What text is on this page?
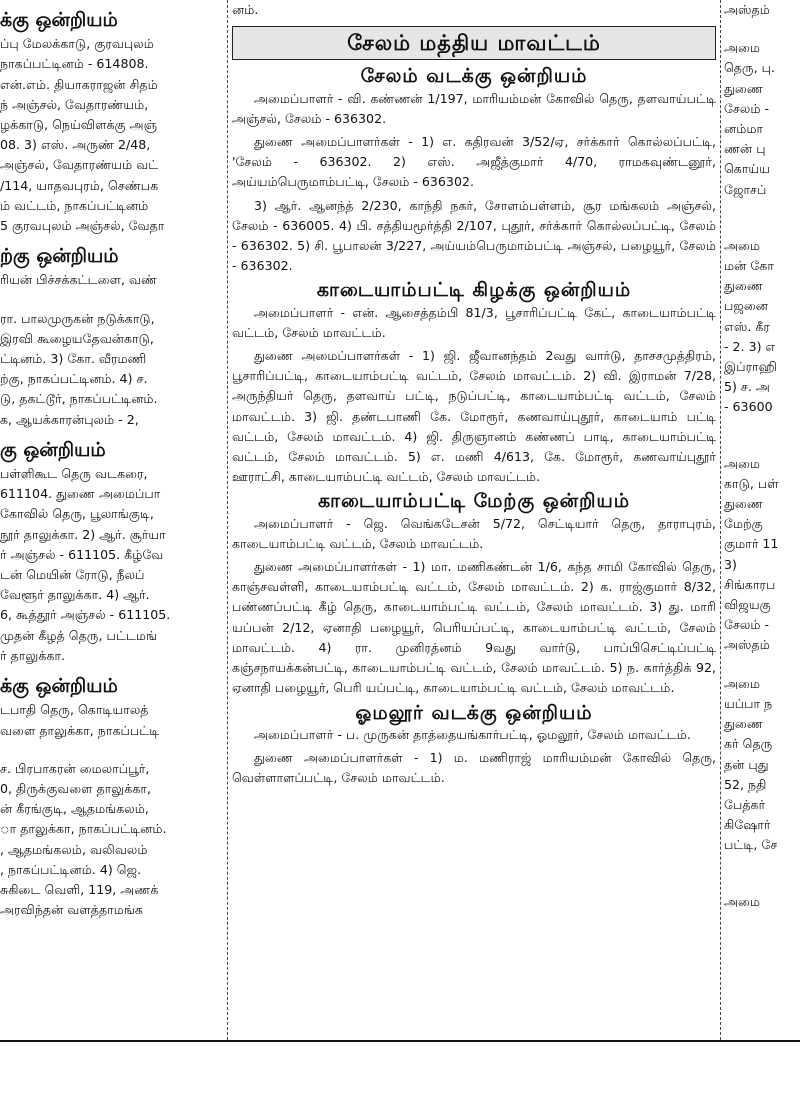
க்கு ஒன்றியம்
ப்பு மேலக்காடு, குரவபுலம்
நாகப்பட்டினம் - 614808.
என்.எம். தியாகராஜன் சிதம்
ந் அஞ்சல், வேதாரண்யம்,
ழக்காடு, நெய்விளக்கு அஞ்
08. 3) எஸ். அருண் 2/48,
அஞ்சல், வேதாரண்யம் வட்
/114, யாதவபுரம், செண்பக
ம் வட்டம், நாகப்பட்டினம்
5 குரவபுலம் அஞ்சல், வேதா
ற்கு ஒன்றியம்
ரியன் பிச்சக்கட்டளை, வண்
ரா. பாலமுருகன் நடுக்காடு,
இரவி கூழையதேவன்காடு,
ட்டினம். 3) கோ. வீரமணி
ற்கு, நாகப்பட்டினம். 4) ச.
டு, தகட்டூர், நாகப்பட்டினம்.
க, ஆயக்காரன்புலம் - 2,
கு ஒன்றியம்
பள்ளிகூட தெரு வடகரை,
611104. துணை அமைப்பா
கோவில் தெரு, பூலாங்குடி,
நூர் தாலுக்கா. 2) ஆர். சூர்யா
ர் அஞ்சல் - 611105. கீழ்வே
டன் மெயின் ரோடு, நீலப்
வேளூர் தாலுக்கா. 4) ஆர்.
6, கூத்தூர் அஞ்சல் - 611105.
முதன் கீழத் தெரு, பட்டமங்
ர் தாலுக்கா.
க்கு ஒன்றியம்
டபாதி தெரு, கொடியாலத்
வளை தாலுக்கா, நாகப்பட்டி
ச. பிரபாகரன் மைலாப்பூர்,
0, திருக்குவளை தாலுக்கா,
ன் கீரங்குடி, ஆதமங்கலம்,
ா தாலுக்கா, நாகப்பட்டினம்.
, ஆதமங்கலம், வலிவலம்
, நாகப்பட்டினம். 4) ஜெ.
சுகிடை வெளி, 119, அணக்
அரவிந்தன் வளத்தாமங்க
னம்.
சேலம் மத்திய மாவட்டம்
சேலம் வடக்கு ஒன்றியம்

அமைப்பாளர் - வி. கண்ணன் 1/197, மாரியம்மன் கோவில் தெரு, தளவாய்பட்டி அஞ்சல், சேலம் - 636302.

துணை அமைப்பாளர்கள் - 1) எ. கதிரவன் 3/52/ஏ, சர்க்கார் கொல்லப்பட்டி, 'சேலம் - 636302. 2) எஸ். அஜீத்குமார் 4/70, ராமகவுண்டனூர், அய்யம்பெருமாம்பட்டி, சேலம் - 636302.

3) ஆர். ஆனந்த் 2/230, காந்தி நகர், சோளம்பள்ளம், சூர மங்கலம் அஞ்சல், சேலம் - 636005. 4) பி. சத்தியமூர்த்தி 2/107, புதூர், சர்க்கார் கொல்லப்பட்டி, சேலம் - 636302. 5) சி. பூபாலன் 3/227, அய்யம்பெருமாம்பட்டி அஞ்சல், பழையூர், சேலம் - 636302.

காடையாம்பட்டி கிழக்கு ஒன்றியம்

அமைப்பாளர் - என். ஆசைத்தம்பி 81/3, பூசாரிப்பட்டி கேட், காடையாம்பட்டி வட்டம், சேலம் மாவட்டம்.

துணை அமைப்பாளர்கள் - 1) ஜி. ஜீவானந்தம் 2வது வார்டு, தாசசமுத்திரம், பூசாரிப்பட்டி, காடையாம்பட்டி வட்டம், சேலம் மாவட்டம். 2) வி. இராமன் 7/28, அருந்தியர் தெரு, தளவாய் பட்டி, நடுப்பட்டி, காடையாம்பட்டி வட்டம், சேலம் மாவட்டம். 3) ஜி. தண்டபாணி கே. மோரூர், கணவாய்புதூர், காடையாம் பட்டி வட்டம், சேலம் மாவட்டம். 4) ஜி. திருஞானம் கண்ணப் பாடி, காடையாம்பட்டி வட்டம், சேலம் மாவட்டம். 5) எ. மணி 4/613, கே. மோரூர், கணவாய்புதூர் ஊராட்சி, காடையாம்பட்டி வட்டம், சேலம் மாவட்டம்.

காடையாம்பட்டி மேற்கு ஒன்றியம்

அமைப்பாளர் - ஜெ. வெங்கடேசன் 5/72, செட்டியார் தெரு, தாராபுரம், காடையாம்பட்டி வட்டம், சேலம் மாவட்டம்.

துணை அமைப்பாளர்கள் - 1) மா. மணிகண்டன் 1/6, கந்த சாமி கோவில் தெரு, காஞ்சவள்ளி, காடையாம்பட்டி வட்டம், சேலம் மாவட்டம். 2) க. ராஜ்குமார் 8/32, பண்ணப்பட்டி கீழ் தெரு, காடையாம்பட்டி வட்டம், சேலம் மாவட்டம். 3) து. மாரி யப்பன் 2/12, ஏனாதி பழையூர், பெரியப்பட்டி, காடையாம்பட்டி வட்டம், சேலம் மாவட்டம். 4) ரா. முனிரத்னம் 9வது வார்டு, பாப்பிசெட்டிப்பட்டி கஞ்சநாயக்கன்பட்டி, காடையாம்பட்டி வட்டம், சேலம் மாவட்டம். 5) ந. கார்த்திக் 92, ஏனாதி பழையூர், பெரி யப்பட்டி, காடையாம்பட்டி வட்டம், சேலம் மாவட்டம்.

ஓமலூர் வடக்கு ஒன்றியம்

அமைப்பாளர் - ப. முருகன் தாத்தையங்கார்பட்டி, ஓமலூர், சேலம் மாவட்டம்.

துணை அமைப்பாளர்கள் - 1) ம. மணிராஜ் மாரியம்மன் கோவில் தெரு, வெள்ளாளப்பட்டி, சேலம் மாவட்டம்.

அஸ்தம்
அமை
தெரு, பு.
துணை
சேலம் -
னம்மா
ணன் பு
கொய்ய
ஜோசப்
அமை
மன் கோ
துணை
பஜனை
எஸ். கீர
- 2. 3) எ
இப்ராஹி
5) ச. அ
- 63600
அமை
காடு, பள்
துணை
மேற்கு
குமார் 11
3)
சிங்காரப
விஜயகு
சேலம் -
அஸ்தம்
அமை
யப்பா ந
துணை
கர் தெரு
தன் புது
52, நதி
பேத்கர்
கிஷோர்
பட்டி, சே
அமை
